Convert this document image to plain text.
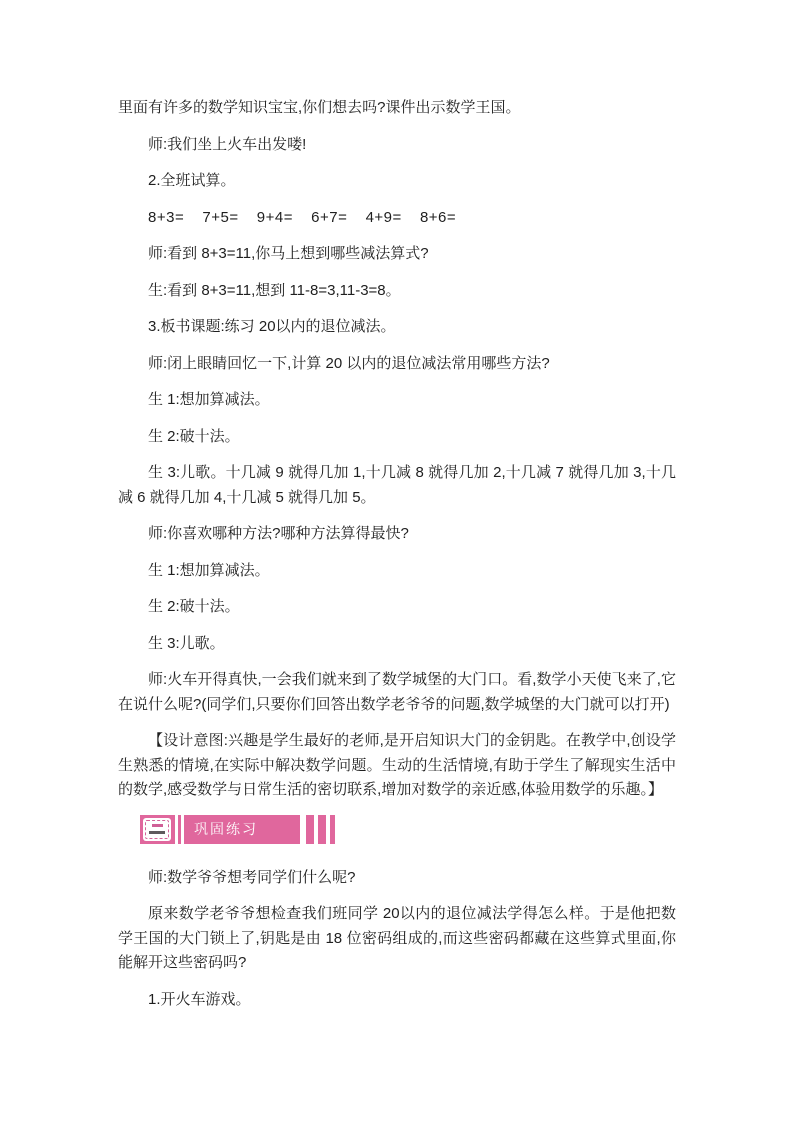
里面有许多的数学知识宝宝,你们想去吗?课件出示数学王国。

师:我们坐上火车出发喽!

2.全班试算。

8+3= 7+5= 9+4= 6+7= 4+9= 8+6=

师:看到 8+3=11,你马上想到哪些减法算式?

生:看到 8+3=11,想到 11-8=3,11-3=8。

3.板书课题:练习 20以内的退位减法。

师:闭上眼睛回忆一下,计算 20 以内的退位减法常用哪些方法?

生 1:想加算减法。

生 2:破十法。

生 3:儿歌。十几减 9 就得几加 1,十几减 8 就得几加 2,十几减 7 就得几加 3,十几减 6 就得几加 4,十几减 5 就得几加 5。

师:你喜欢哪种方法?哪种方法算得最快?

生 1:想加算减法。

生 2:破十法。

生 3:儿歌。

师:火车开得真快,一会我们就来到了数学城堡的大门口。看,数学小天使飞来了,它在说什么呢?(同学们,只要你们回答出数学老爷爷的问题,数学城堡的大门就可以打开)

【设计意图:兴趣是学生最好的老师,是开启知识大门的金钥匙。在教学中,创设学生熟悉的情境,在实际中解决数学问题。生动的生活情境,有助于学生了解现实生活中的数学,感受数学与日常生活的密切联系,增加对数学的亲近感,体验用数学的乐趣。】

巩固练习

师:数学爷爷想考同学们什么呢?

原来数学老爷爷想检查我们班同学 20以内的退位减法学得怎么样。于是他把数学王国的大门锁上了,钥匙是由 18 位密码组成的,而这些密码都藏在这些算式里面,你能解开这些密码吗?

1.开火车游戏。
